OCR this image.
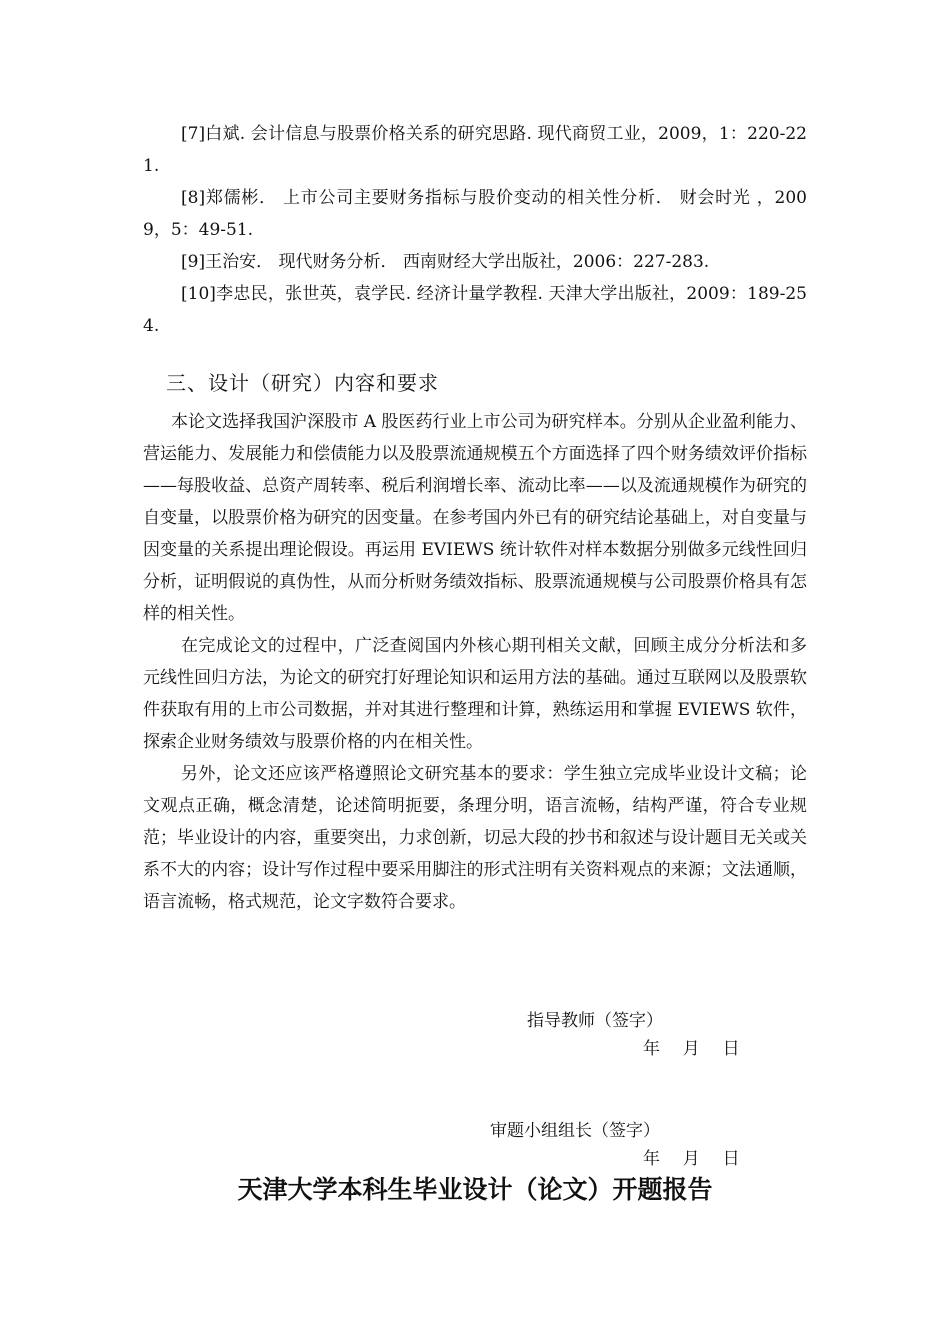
[7]白斌. 会计信息与股票价格关系的研究思路. 现代商贸工业，2009，1：220-221.

[8]郑儒彬． 上市公司主要财务指标与股价变动的相关性分析． 财会时光 ，2009，5：49-51.

[9]王治安． 现代财务分析． 西南财经大学出版社，2006：227-283.

[10]李忠民，张世英，袁学民. 经济计量学教程. 天津大学出版社，2009：189-254.

三、设计（研究）内容和要求

本论文选择我国沪深股市 A 股医药行业上市公司为研究样本。分别从企业盈利能力、营运能力、发展能力和偿债能力以及股票流通规模五个方面选择了四个财务绩效评价指标——每股收益、总资产周转率、税后利润增长率、流动比率——以及流通规模作为研究的自变量，以股票价格为研究的因变量。在参考国内外已有的研究结论基础上，对自变量与因变量的关系提出理论假设。再运用 EVIEWS 统计软件对样本数据分别做多元线性回归分析，证明假说的真伪性，从而分析财务绩效指标、股票流通规模与公司股票价格具有怎样的相关性。

在完成论文的过程中，广泛查阅国内外核心期刊相关文献，回顾主成分分析法和多元线性回归方法，为论文的研究打好理论知识和运用方法的基础。通过互联网以及股票软件获取有用的上市公司数据，并对其进行整理和计算，熟练运用和掌握 EVIEWS 软件，探索企业财务绩效与股票价格的内在相关性。

另外，论文还应该严格遵照论文研究基本的要求：学生独立完成毕业设计文稿；论文观点正确，概念清楚，论述简明扼要，条理分明，语言流畅，结构严谨，符合专业规范；毕业设计的内容，重要突出，力求创新，切忌大段的抄书和叙述与设计题目无关或关系不大的内容；设计写作过程中要采用脚注的形式注明有关资料观点的来源；文法通顺，语言流畅，格式规范，论文字数符合要求。

指导教师（签字）

年  月  日

审题小组组长（签字）

年  月  日

天津大学本科生毕业设计（论文）开题报告
